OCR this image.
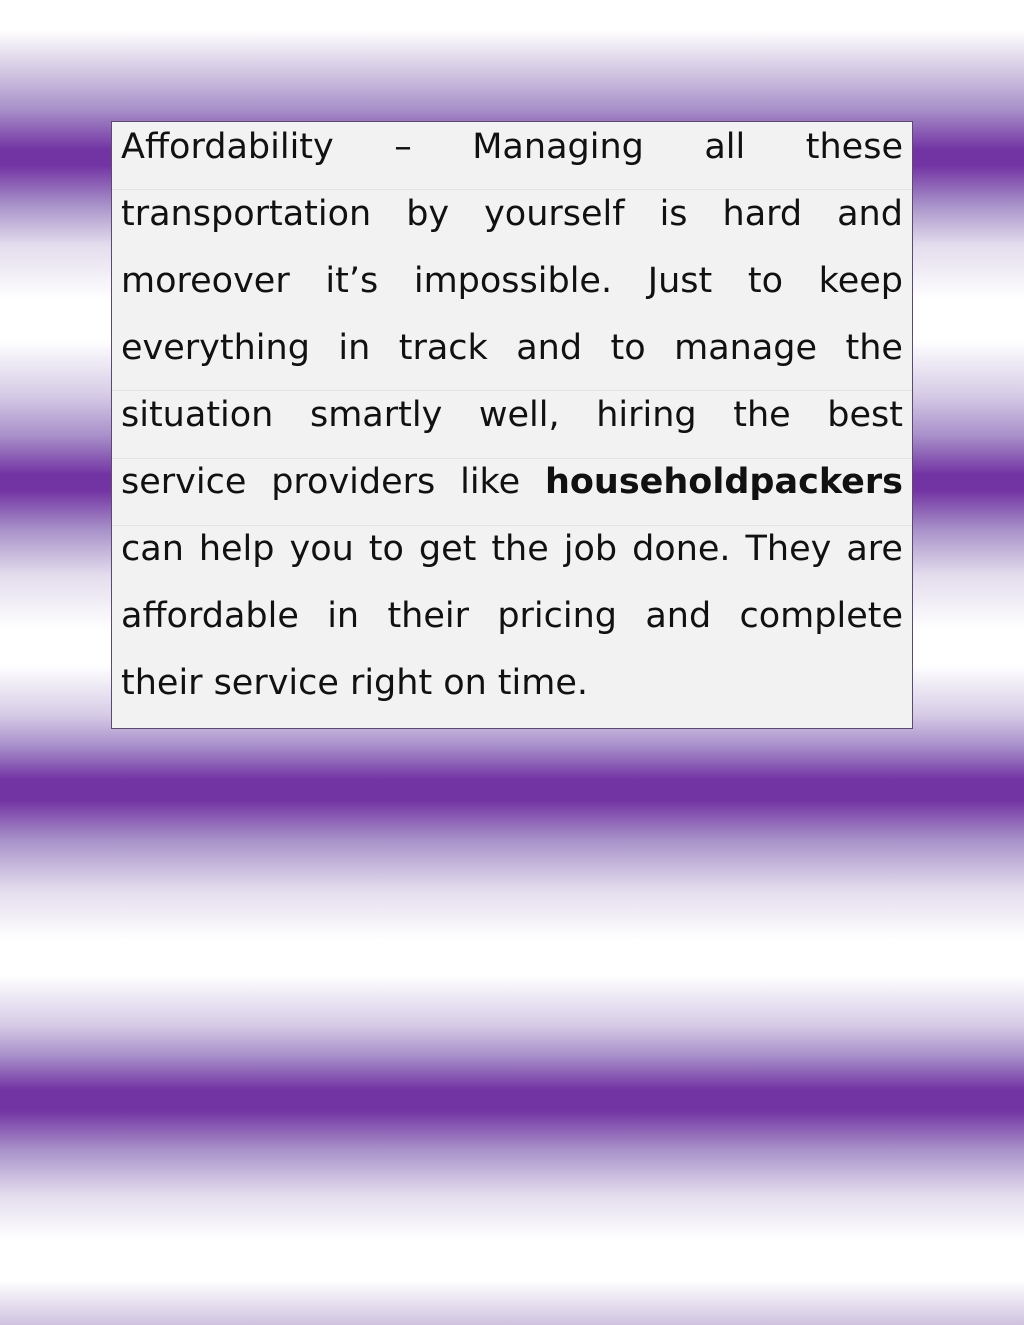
Affordability – Managing all these
transportation by yourself is hard and
moreover it’s impossible. Just to keep
everything in track and to manage the
situation smartly well, hiring the best
service providers like householdpackers
can help you to get the job done. They are
affordable in their pricing and complete
their service right on time.
